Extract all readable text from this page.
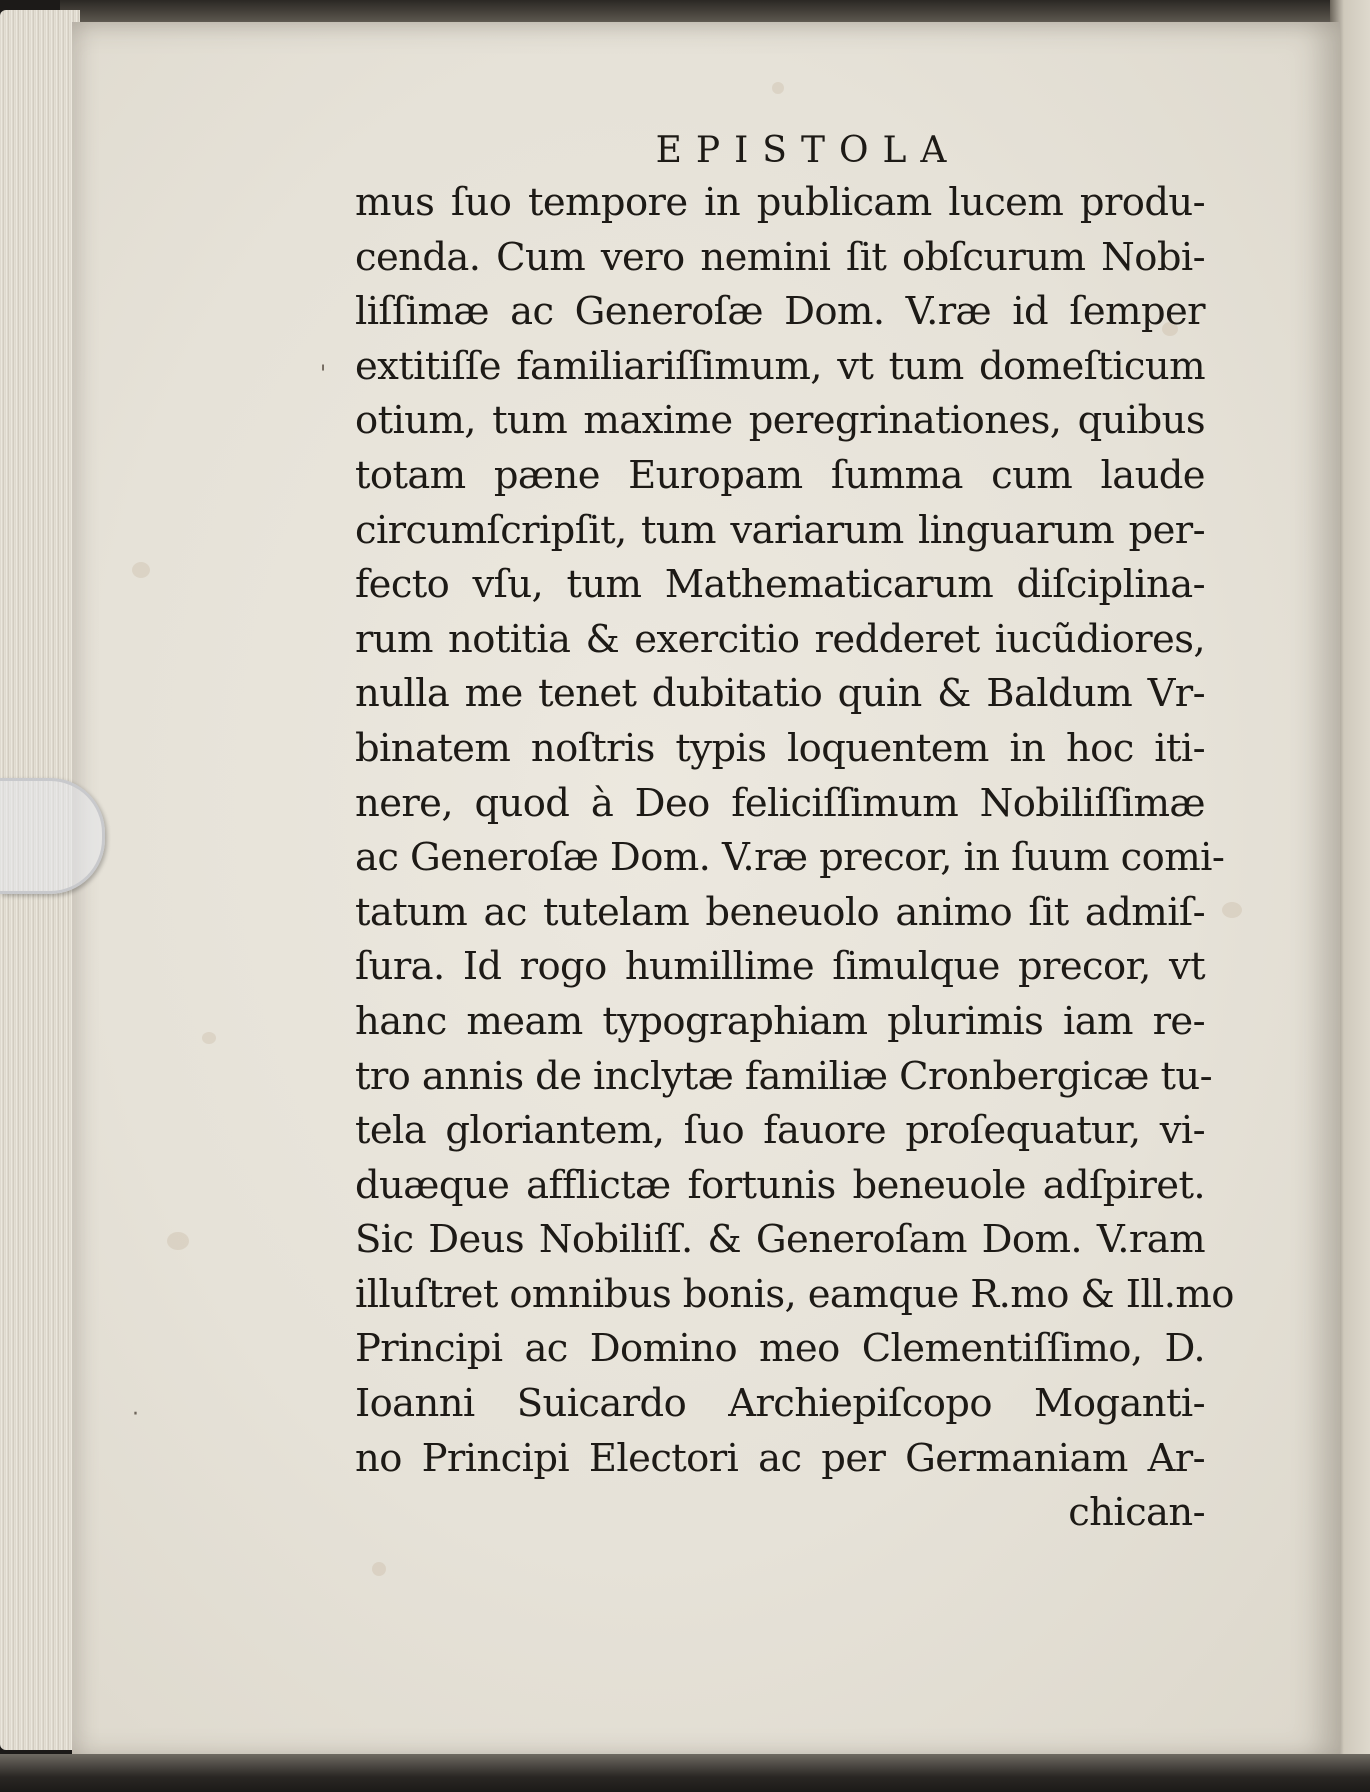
'
·
EPISTOLA
mus ſuo tempore in publicam lucem produ-
cenda. Cum vero nemini ſit obſcurum Nobi-
liſſimæ ac Generoſæ Dom. V.ræ id ſemper
extitiſſe familiariſſimum, vt tum domeſticum
otium, tum maxime peregrinationes, quibus
totam pæne Europam ſumma cum laude
circumſcripſit, tum variarum linguarum per-
fecto vſu, tum Mathematicarum diſciplina-
rum notitia & exercitio redderet iucũdiores,
nulla me tenet dubitatio quin & Baldum Vr-
binatem noſtris typis loquentem in hoc iti-
nere, quod à Deo feliciſſimum Nobiliſſimæ
ac Generoſæ Dom. V.ræ precor, in ſuum comi-
tatum ac tutelam beneuolo animo ſit admiſ-
ſura. Id rogo humillime ſimulque precor, vt
hanc meam typographiam plurimis iam re-
tro annis de inclytæ familiæ Cronbergicæ tu-
tela gloriantem, ſuo fauore proſequatur, vi-
duæque afflictæ fortunis beneuole adſpiret.
Sic Deus Nobiliſſ. & Generoſam Dom. V.ram
illuſtret omnibus bonis, eamque R.mo & Ill.mo
Principi ac Domino meo Clementiſſimo, D.
Ioanni Suicardo Archiepiſcopo Moganti-
no Principi Electori ac per Germaniam Ar-
chican-
